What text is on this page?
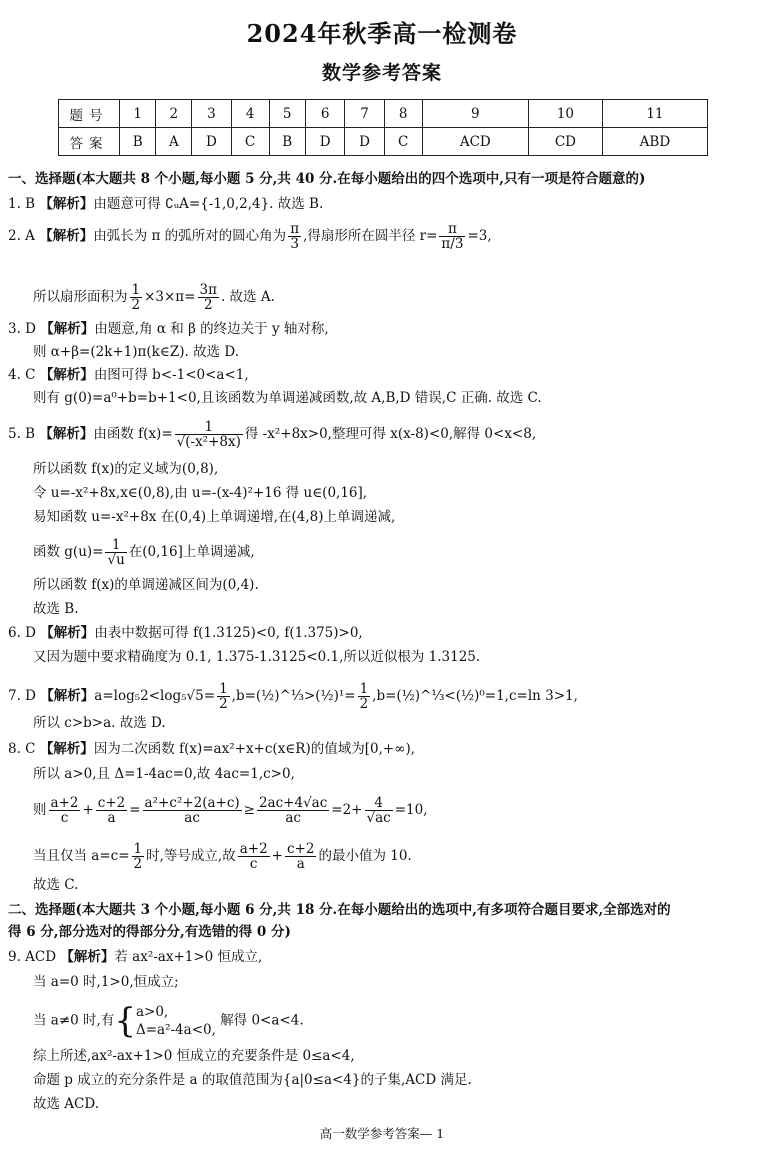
2024年秋季高一检测卷
数学参考答案
题号	1	2	3	4	5	6	7	8	9	10	11
答案	B	A	D	C	B	D	D	C	ACD	CD	ABD
一、选择题(本大题共 8 个小题,每小题 5 分,共 40 分.在每小题给出的四个选项中,只有一项是符合题意的)
1. B 【解析】由题意可得 ∁ᵤA={-1,0,2,4}. 故选 B.
2. A 【解析】由弧长为 π 的弧所对的圆心角为 $\frac{\pi}{3}$ ,得扇形所在圆半径 $r= \frac{\pi}{\pi/3} =3$,
所以扇形面积为 $\frac{1}{2} \times 3\times\pi= \frac{3\pi}{2}$ . 故选 A.
3. D 【解析】由题意,角 α 和 β 的终边关于 y 轴对称,
则 α+β=(2k+1)π(k∈Z). 故选 D.
4. C 【解析】由图可得 b<-1<0<a<1,
则有 g(0)=a⁰+b=b+1<0,且该函数为单调递减函数,故 A,B,D 错误,C 正确. 故选 C.
5. B 【解析】由函数 $f(x)= \frac{1}{\text{√(-x²+8x)}}$ 得 -x²+8x>0,整理可得 x(x-8)<0,解得 0<x<8,
所以函数 f(x)的定义域为(0,8),
令 u=-x²+8x,x∈(0,8),由 u=-(x-4)²+16 得 u∈(0,16],
易知函数 u=-x²+8x 在(0,4)上单调递增,在(4,8)上单调递减,
函数 $g(u)= \frac{1}{√u}$ 在(0,16]上单调递减,
所以函数 f(x)的单调递减区间为(0,4).
故选 B.
6. D 【解析】由表中数据可得 f(1.3125)<0, f(1.375)>0,
又因为题中要求精确度为 0.1, 1.375-1.3125<0.1,所以近似根为 1.3125.
7. D 【解析】$a=\log_52<\log_5√5= \frac{1}{2}$ ,b=(½)^⅓>(½)¹= $\frac{1}{2}$ ,b=(½)^⅓<(½)⁰=1,c=ln 3>1,
所以 c>b>a. 故选 D.
8. C 【解析】因为二次函数 f(x)=ax²+x+c(x∈R)的值域为[0,+∞),
所以 a>0,且 Δ=1-4ac=0,故 4ac=1,c>0,
则 $\frac{a+2}{c} + \frac{c+2}{a} = \frac{\text{a²+c²+2(a+c)}}{ac} \ge \frac{2ac+4√ac}{ac} =2+ \frac{4}{√ac} =10$,
当且仅当 $a=c= \frac{1}{2}$ 时,等号成立,故 $\frac{a+2}{c} + \frac{c+2}{a}$ 的最小值为 10.
故选 C.
二、选择题(本大题共 3 个小题,每小题 6 分,共 18 分.在每小题给出的选项中,有多项符合题目要求,全部选对的
得 6 分,部分选对的得部分分,有选错的得 0 分)
9. ACD 【解析】若 ax²-ax+1>0 恒成立,
当 a=0 时,1>0,恒成立;
当 a≠0 时,有{ a>0,
Δ=a²-4a<0,
解得 0<a<4.
综上所述,ax²-ax+1>0 恒成立的充要条件是 0≤a<4,
命题 p 成立的充分条件是 a 的取值范围为{a|0≤a<4}的子集,ACD 满足.
故选 ACD.
高一数学参考答案— 1
